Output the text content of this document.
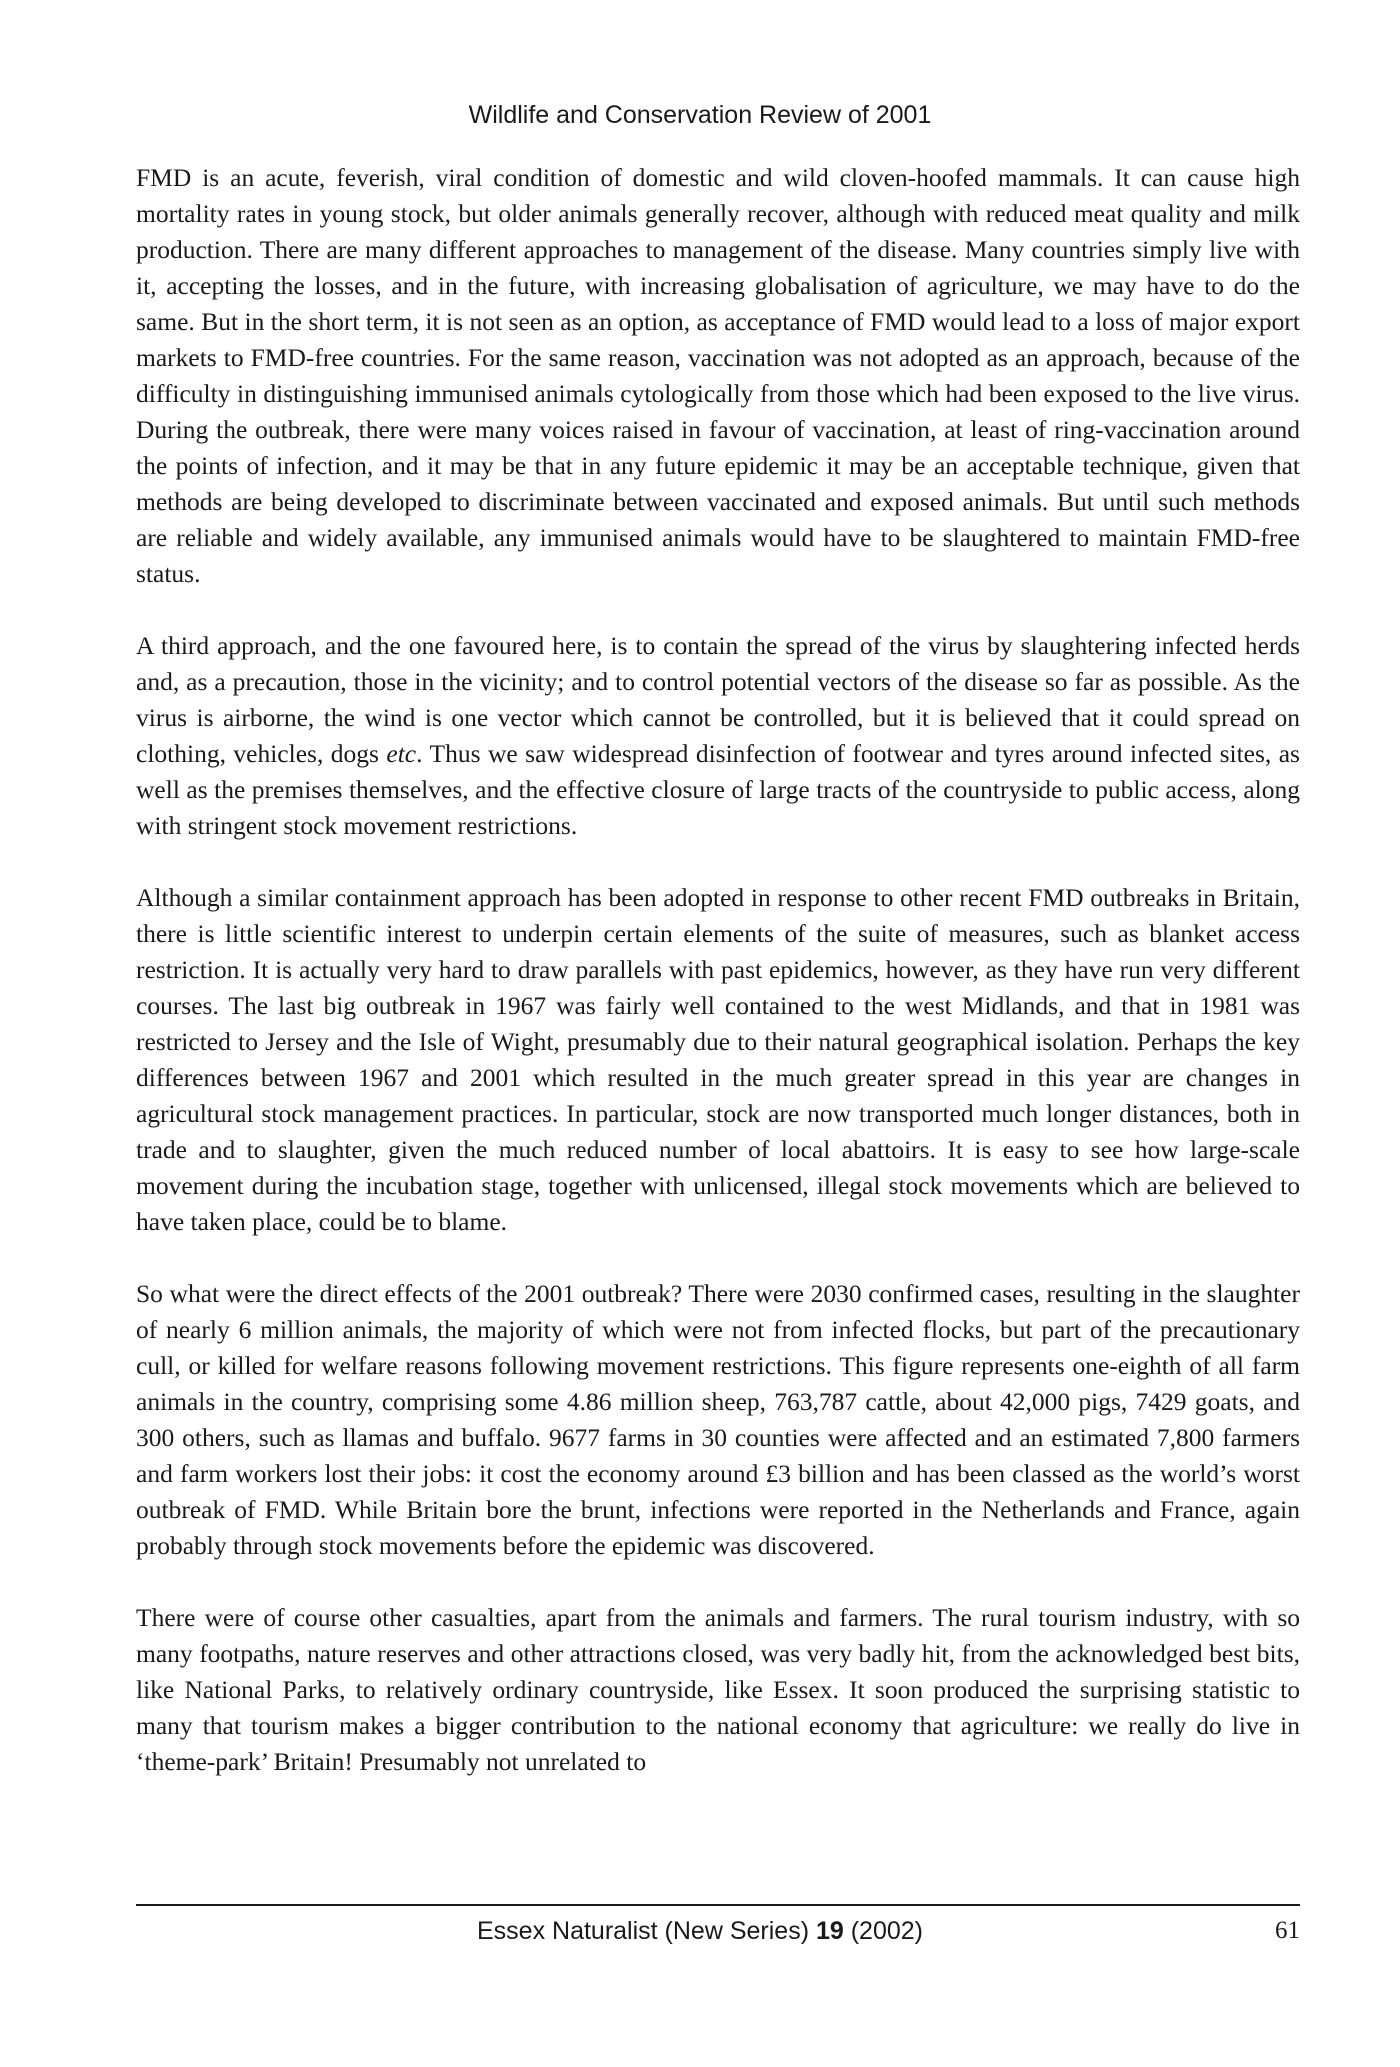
Wildlife and Conservation Review of 2001

FMD is an acute, feverish, viral condition of domestic and wild cloven-hoofed mammals. It can cause high mortality rates in young stock, but older animals generally recover, although with reduced meat quality and milk production. There are many different approaches to management of the disease. Many countries simply live with it, accepting the losses, and in the future, with increasing globalisation of agriculture, we may have to do the same. But in the short term, it is not seen as an option, as acceptance of FMD would lead to a loss of major export markets to FMD-free countries. For the same reason, vaccination was not adopted as an approach, because of the difficulty in distinguishing immunised animals cytologically from those which had been exposed to the live virus. During the outbreak, there were many voices raised in favour of vaccination, at least of ring-vaccination around the points of infection, and it may be that in any future epidemic it may be an acceptable technique, given that methods are being developed to discriminate between vaccinated and exposed animals. But until such methods are reliable and widely available, any immunised animals would have to be slaughtered to maintain FMD-free status.

A third approach, and the one favoured here, is to contain the spread of the virus by slaughtering infected herds and, as a precaution, those in the vicinity; and to control potential vectors of the disease so far as possible. As the virus is airborne, the wind is one vector which cannot be controlled, but it is believed that it could spread on clothing, vehicles, dogs etc. Thus we saw widespread disinfection of footwear and tyres around infected sites, as well as the premises themselves, and the effective closure of large tracts of the countryside to public access, along with stringent stock movement restrictions.

Although a similar containment approach has been adopted in response to other recent FMD outbreaks in Britain, there is little scientific interest to underpin certain elements of the suite of measures, such as blanket access restriction. It is actually very hard to draw parallels with past epidemics, however, as they have run very different courses. The last big outbreak in 1967 was fairly well contained to the west Midlands, and that in 1981 was restricted to Jersey and the Isle of Wight, presumably due to their natural geographical isolation. Perhaps the key differences between 1967 and 2001 which resulted in the much greater spread in this year are changes in agricultural stock management practices. In particular, stock are now transported much longer distances, both in trade and to slaughter, given the much reduced number of local abattoirs. It is easy to see how large-scale movement during the incubation stage, together with unlicensed, illegal stock movements which are believed to have taken place, could be to blame.

So what were the direct effects of the 2001 outbreak? There were 2030 confirmed cases, resulting in the slaughter of nearly 6 million animals, the majority of which were not from infected flocks, but part of the precautionary cull, or killed for welfare reasons following movement restrictions. This figure represents one-eighth of all farm animals in the country, comprising some 4.86 million sheep, 763,787 cattle, about 42,000 pigs, 7429 goats, and 300 others, such as llamas and buffalo. 9677 farms in 30 counties were affected and an estimated 7,800 farmers and farm workers lost their jobs: it cost the economy around £3 billion and has been classed as the world’s worst outbreak of FMD. While Britain bore the brunt, infections were reported in the Netherlands and France, again probably through stock movements before the epidemic was discovered.

There were of course other casualties, apart from the animals and farmers. The rural tourism industry, with so many footpaths, nature reserves and other attractions closed, was very badly hit, from the acknowledged best bits, like National Parks, to relatively ordinary countryside, like Essex. It soon produced the surprising statistic to many that tourism makes a bigger contribution to the national economy that agriculture: we really do live in ‘theme-park’ Britain! Presumably not unrelated to

Essex Naturalist (New Series) 19 (2002)	61
